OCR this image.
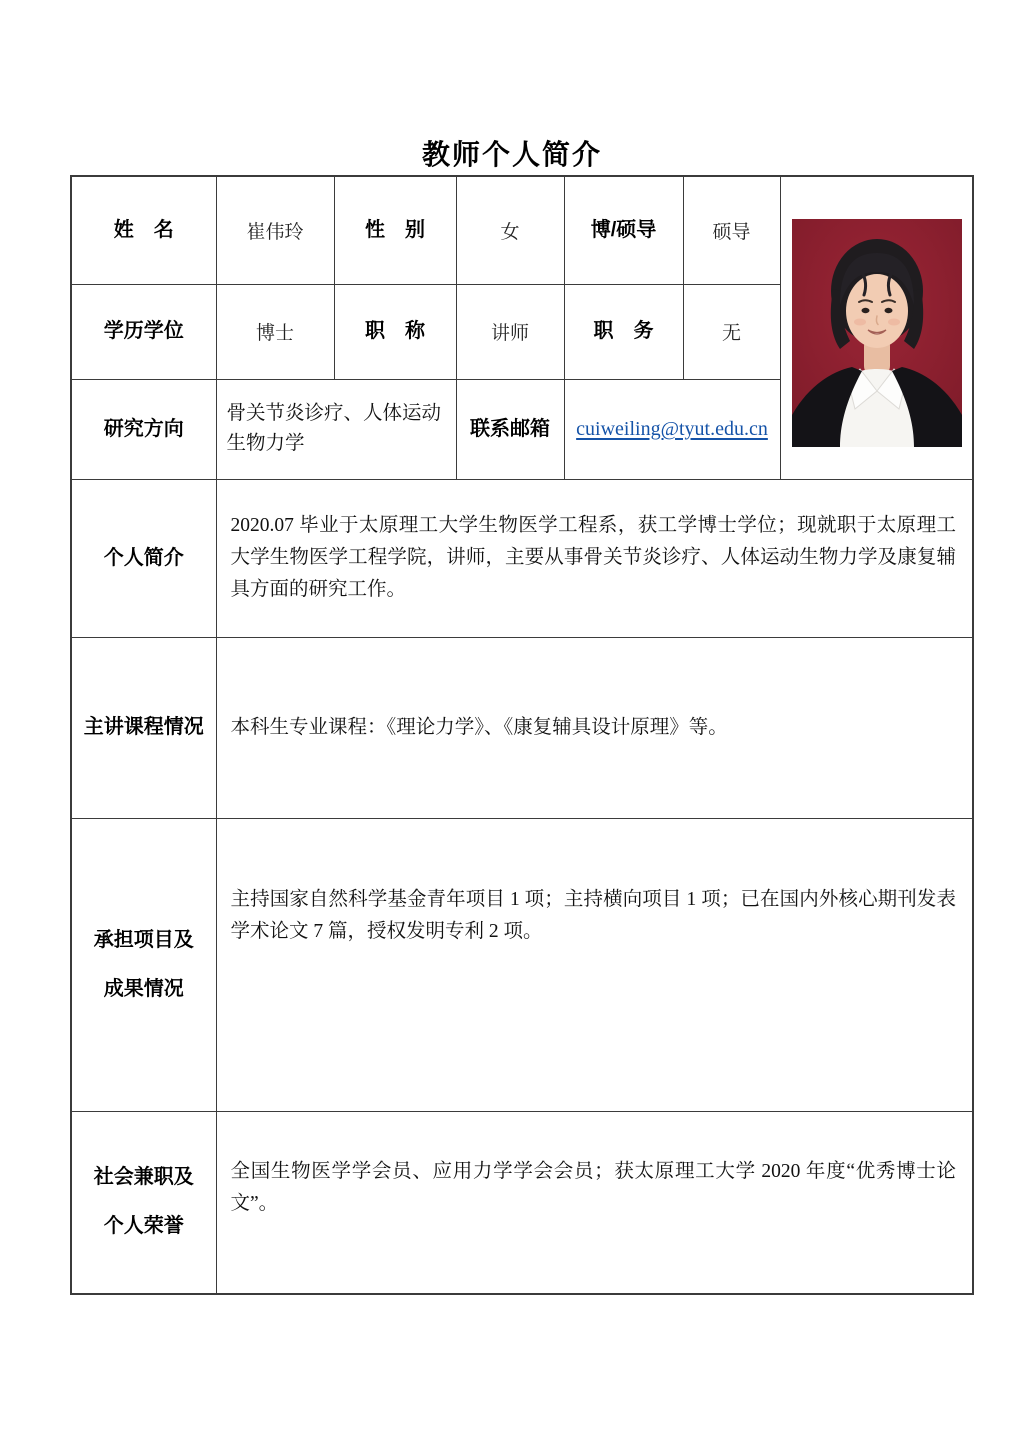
教师个人简介
姓　名	崔伟玲	性　别	女	博/硕导	硕导	

学历学位	博士	职　称	讲师	职　务	无	
研究方向	骨关节炎诊疗、人体运动生物力学		联系邮箱	cuiweiling@tyut.edu.cn		
个人简介	2020.07 毕业于太原理工大学生物医学工程系，获工学博士学位；现就职于太原理工大学生物医学工程学院，讲师，主要从事骨关节炎诊疗、人体运动生物力学及康复辅具方面的研究工作。					
主讲课程情况	本科生专业课程：《理论力学》、《康复辅具设计原理》等。					

承担项目及
成果情况	主持国家自然科学基金青年项目 1 项；主持横向项目 1 项；已在国内外核心期刊发表学术论文 7 篇，授权发明专利 2 项。					

社会兼职及
个人荣誉	全国生物医学学会员、应用力学学会会员；获太原理工大学 2020 年度“优秀博士论文”。					
